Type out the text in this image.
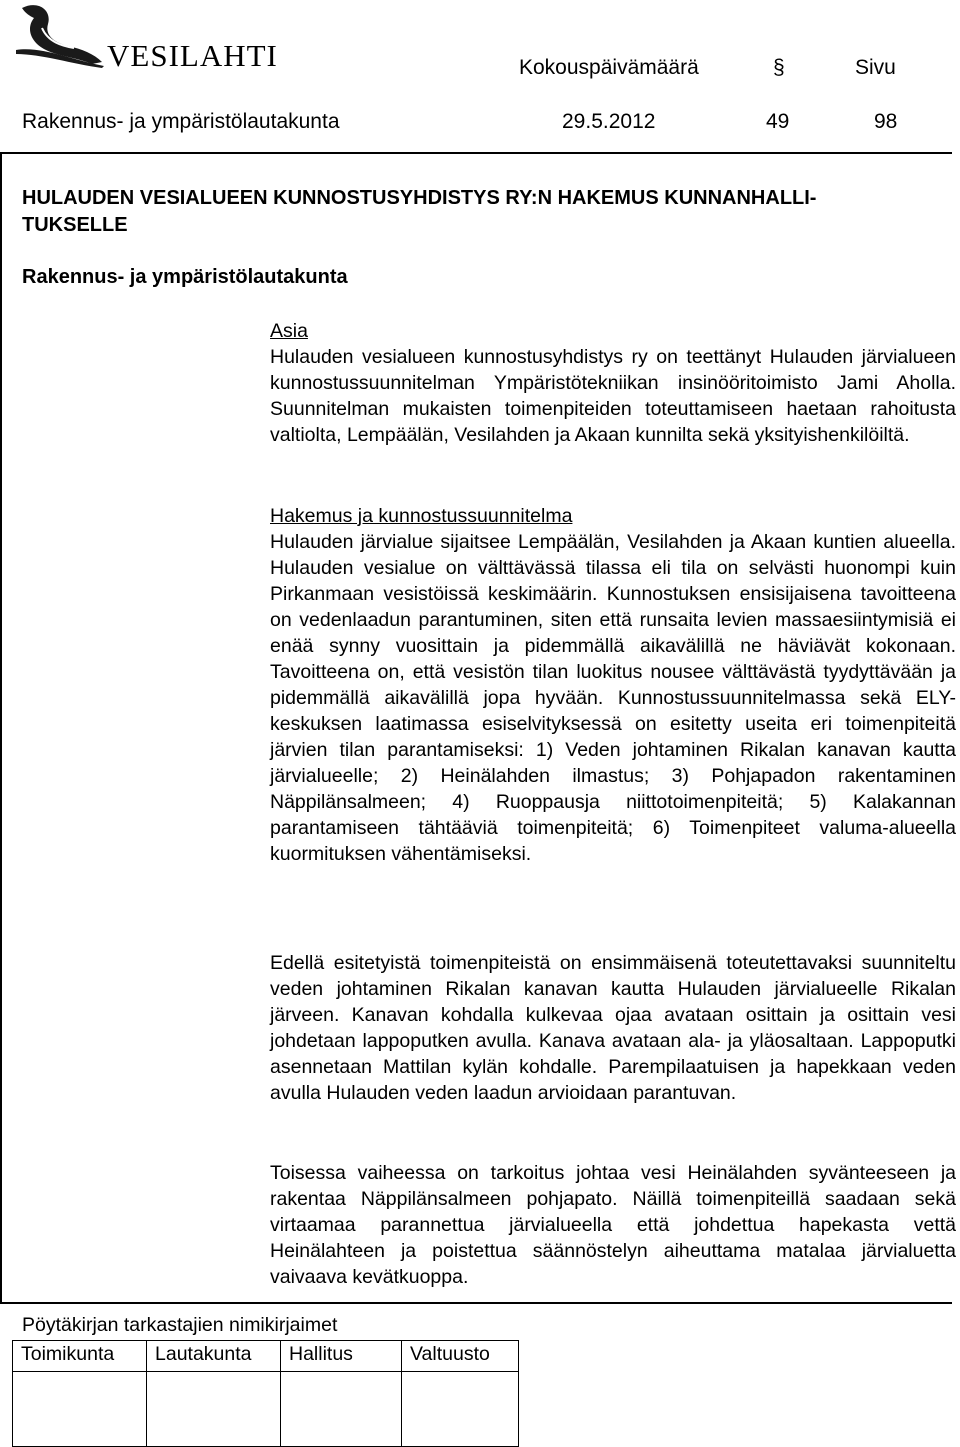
VESILAHTI	Kokouspäivämäärä	§	Sivu
Rakennus- ja ympäristölautakunta	29.5.2012	49	98
HULAUDEN VESIALUEEN KUNNOSTUSYHDISTYS RY:N HAKEMUS KUNNANHALLI-
TUKSELLE
Rakennus- ja ympäristölautakunta
Asia

Hulauden vesialueen kunnostusyhdistys ry on teettänyt Hulauden järvialueen kunnostussuunnitelman Ympäristötekniikan insinööritoimisto Jami Aholla. Suunnitelman mukaisten toimenpiteiden toteuttamiseen haetaan rahoitusta valtiolta, Lempäälän, Vesilahden ja Akaan kunnilta sekä yksityishenkilöiltä.

Hakemus ja kunnostussuunnitelma

Hulauden järvialue sijaitsee Lempäälän, Vesilahden ja Akaan kuntien alueella. Hulauden vesialue on välttävässä tilassa eli tila on selvästi huonompi kuin Pirkanmaan vesistöissä keskimäärin. Kunnostuksen ensisijaisena tavoitteena on vedenlaadun parantuminen, siten että runsaita levien massaesiintymisiä ei enää synny vuosittain ja pidemmällä aikavälillä ne häviävät kokonaan. Tavoitteena on, että vesistön tilan luokitus nousee välttävästä tyydyttävään ja pidemmällä aikavälillä jopa hyvään. Kunnostussuunnitelmassa sekä ELY- keskuksen laatimassa esiselvityksessä on esitetty useita eri toimenpiteitä järvien tilan parantamiseksi: 1) Veden johtaminen Rikalan kanavan kautta järvialueelle; 2) Heinälahden ilmastus; 3) Pohjapadon rakentaminen Näppilänsalmeen; 4) Ruoppausja niittotoimenpiteitä; 5) Kalakannan parantamiseen tähtääviä toimenpiteitä; 6) Toimenpiteet valuma-alueella kuormituksen vähentämiseksi.

Edellä esitetyistä toimenpiteistä on ensimmäisenä toteutettavaksi suunniteltu veden johtaminen Rikalan kanavan kautta Hulauden järvialueelle Rikalan järveen. Kanavan kohdalla kulkevaa ojaa avataan osittain ja osittain vesi johdetaan lappoputken avulla. Kanava avataan ala- ja yläosaltaan. Lappoputki asennetaan Mattilan kylän kohdalle. Parempilaatuisen ja hapekkaan veden avulla Hulauden veden laadun arvioidaan parantuvan.

Toisessa vaiheessa on tarkoitus johtaa vesi Heinälahden syvänteeseen ja rakentaa Näppilänsalmeen pohjapato. Näillä toimenpiteillä saadaan sekä virtaamaa parannettua järvialueella että johdettua hapekasta vettä Heinälahteen ja poistettua säännöstelyn aiheuttama matalaa järvialuetta vaivaava kevätkuoppa.

Pöytäkirjan tarkastajien nimikirjaimet
Toimikunta	Lautakunta	Hallitus	Valtuusto
